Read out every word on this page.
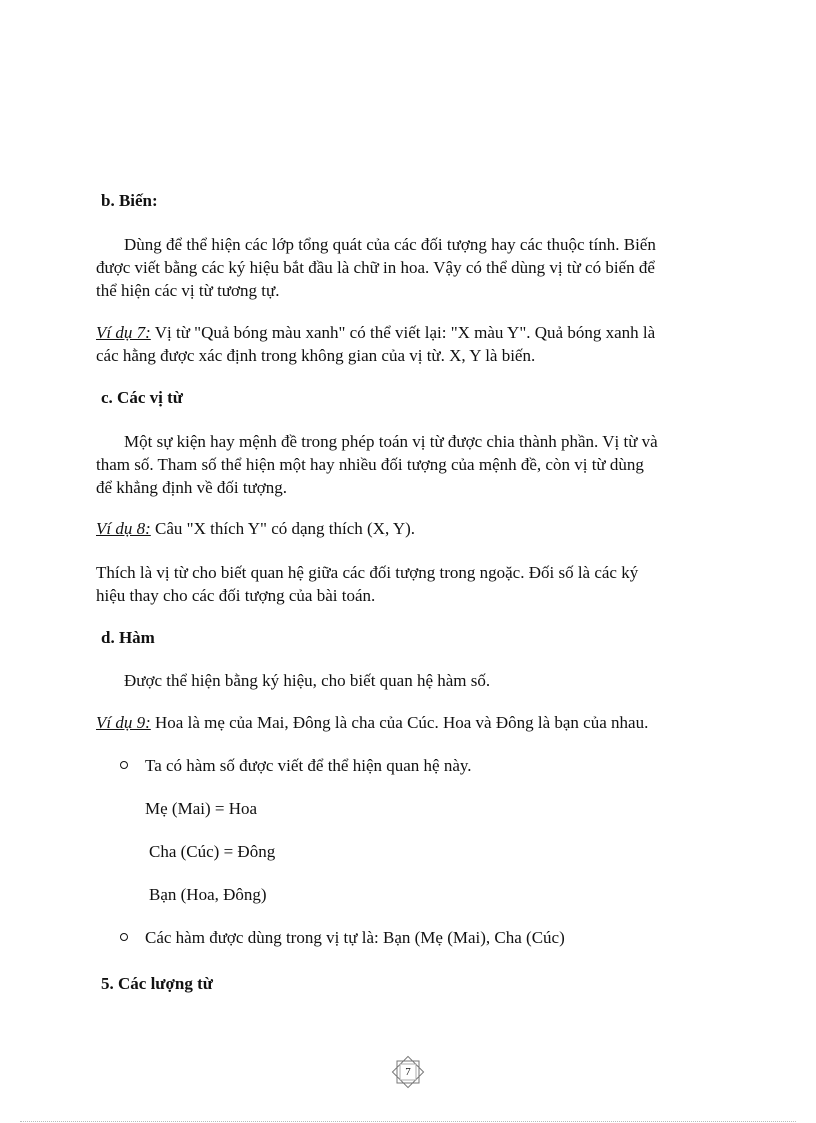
b. Biến:
Dùng để thể hiện các lớp tổng quát của các đối tượng hay các thuộc tính. Biến
được viết bằng các ký hiệu bắt đầu là chữ in hoa. Vậy có thể dùng vị từ có biến để
thể hiện các vị từ tương tự.
Ví dụ 7: Vị từ "Quả bóng màu xanh" có thể viết lại: "X màu Y". Quả bóng xanh là
các hằng được xác định trong không gian của vị từ. X, Y là biến.
c. Các vị từ
Một sự kiện hay mệnh đề trong phép toán vị từ được chia thành phần. Vị từ và
tham số. Tham số thể hiện một hay nhiều đối tượng của mệnh đề, còn vị từ dùng
để khẳng định về đối tượng.
Ví dụ 8: Câu "X thích Y" có dạng thích (X, Y).
Thích là vị từ cho biết quan hệ giữa các đối tượng trong ngoặc. Đối số là các ký
hiệu thay cho các đối tượng của bài toán.
d. Hàm
Được thể hiện bằng ký hiệu, cho biết quan hệ hàm số.
Ví dụ 9: Hoa là mẹ của Mai, Đông là cha của Cúc. Hoa và Đông là bạn của nhau.
Ta có hàm số được viết để thể hiện quan hệ này.
Mẹ (Mai) = Hoa
Cha (Cúc) = Đông
Bạn (Hoa, Đông)
Các hàm được dùng trong vị tự là: Bạn (Mẹ (Mai), Cha (Cúc)
5. Các lượng từ
7
